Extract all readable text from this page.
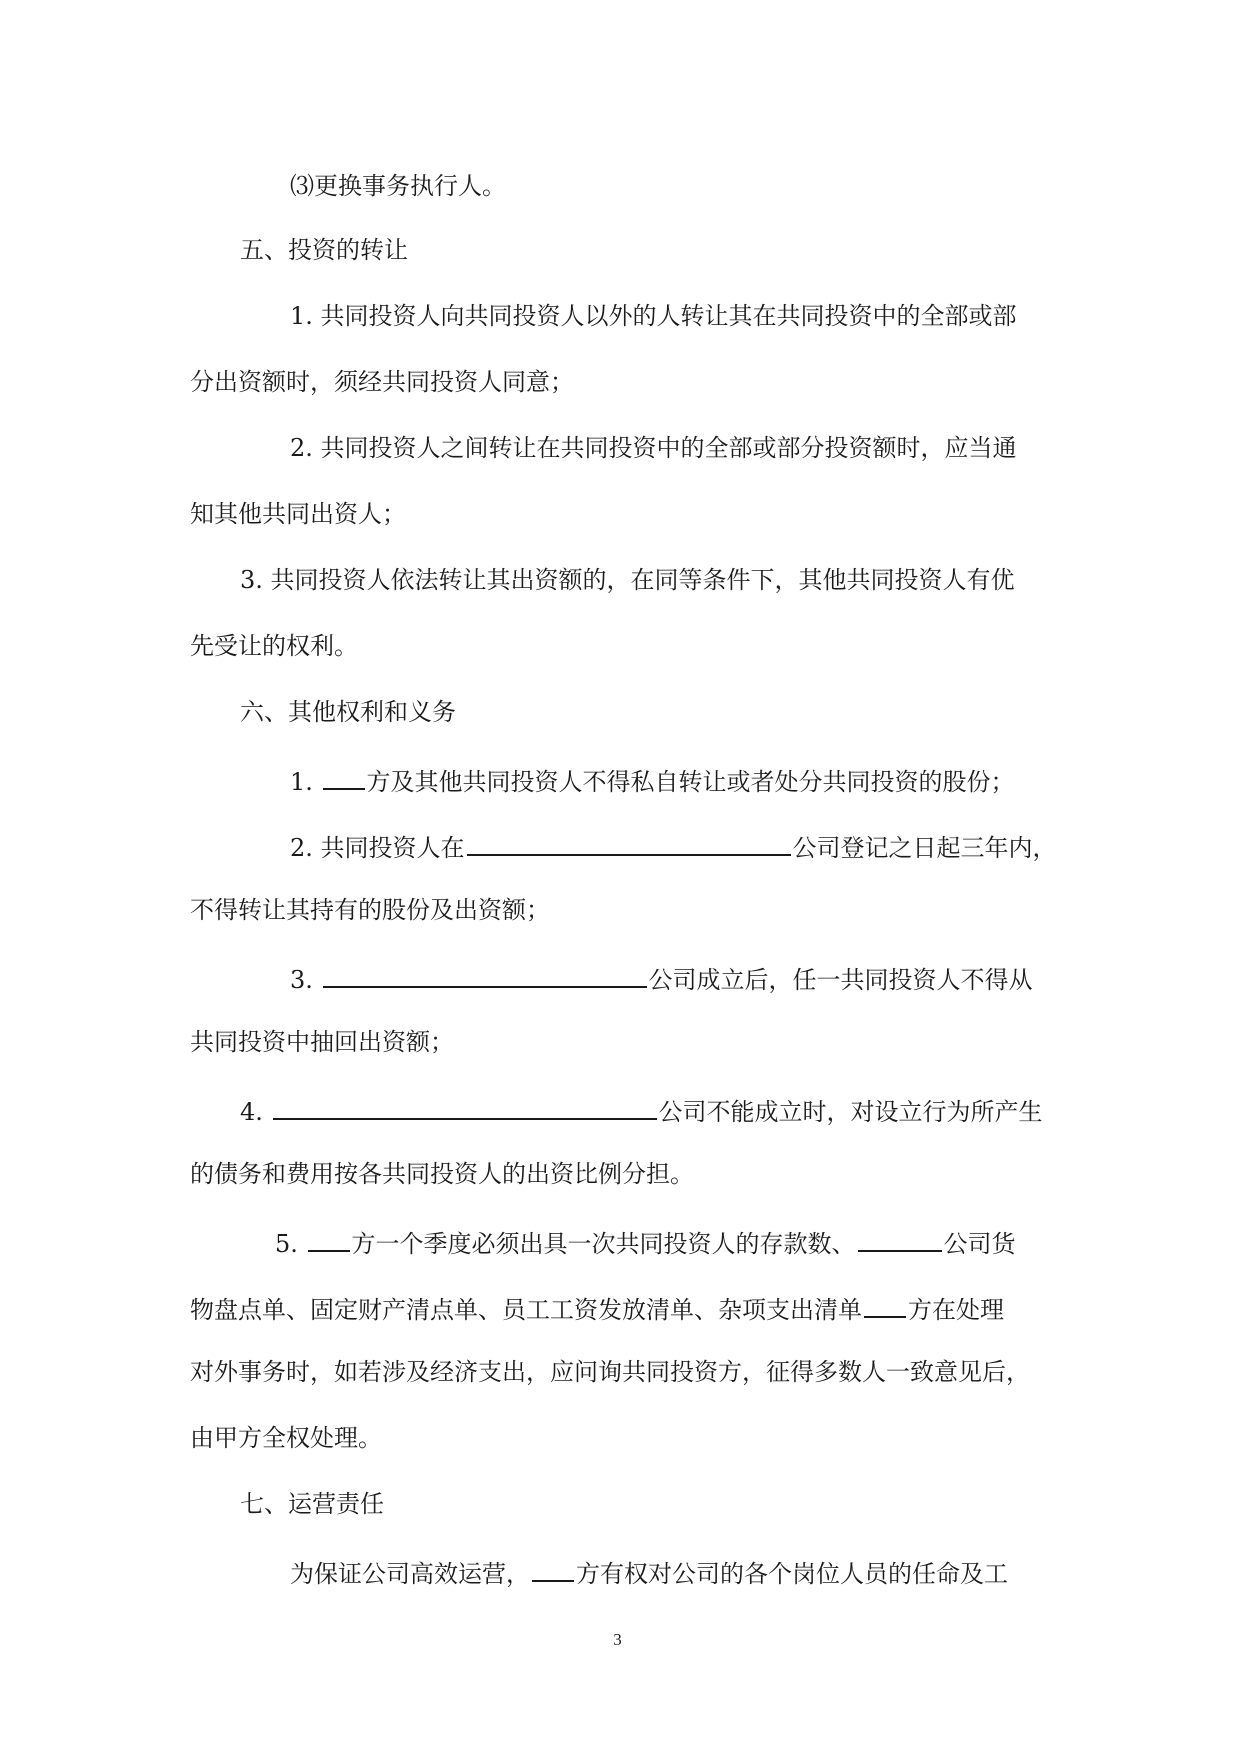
⑶更换事务执行人。
五、投资的转让
1. 共同投资人向共同投资人以外的人转让其在共同投资中的全部或部
分出资额时，须经共同投资人同意；
2. 共同投资人之间转让在共同投资中的全部或部分投资额时，应当通
知其他共同出资人；
3. 共同投资人依法转让其出资额的，在同等条件下，其他共同投资人有优
先受让的权利。
六、其他权利和义务
1. 方及其他共同投资人不得私自转让或者处分共同投资的股份；
2. 共同投资人在	公司登记之日起三年内，
不得转让其持有的股份及出资额；
3.	公司成立后，任一共同投资人不得从
共同投资中抽回出资额；
4.	公司不能成立时，对设立行为所产生
的债务和费用按各共同投资人的出资比例分担。
5. 方一个季度必须出具一次共同投资人的存款数、	公司货
物盘点单、固定财产清点单、员工工资发放清单、杂项支出清单 方在处理
对外事务时，如若涉及经济支出，应问询共同投资方，征得多数人一致意见后，
由甲方全权处理。
七、运营责任
为保证公司高效运营， 方有权对公司的各个岗位人员的任命及工
3
